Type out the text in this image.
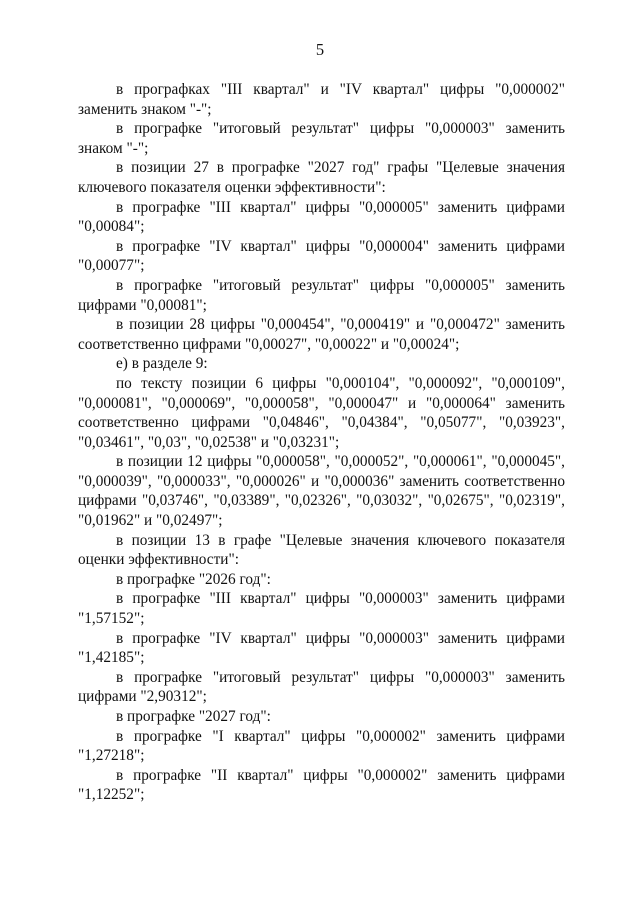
5

в прографках "III квартал" и "IV квартал" цифры "0,000002" заменить знаком "-";

в прографке "итоговый результат" цифры "0,000003" заменить знаком "-";

в позиции 27 в прографке "2027 год" графы "Целевые значения ключевого показателя оценки эффективности":

в прографке "III квартал" цифры "0,000005" заменить цифрами "0,00084";

в прографке "IV квартал" цифры "0,000004" заменить цифрами "0,00077";

в прографке "итоговый результат" цифры "0,000005" заменить цифрами "0,00081";

в позиции 28 цифры "0,000454", "0,000419" и "0,000472" заменить соответственно цифрами "0,00027", "0,00022" и "0,00024";

е) в разделе 9:

по тексту позиции 6 цифры "0,000104", "0,000092", "0,000109", "0,000081", "0,000069", "0,000058", "0,000047" и "0,000064" заменить соответственно цифрами "0,04846", "0,04384", "0,05077", "0,03923", "0,03461", "0,03", "0,02538" и "0,03231";

в позиции 12 цифры "0,000058", "0,000052", "0,000061", "0,000045", "0,000039", "0,000033", "0,000026" и "0,000036" заменить соответственно цифрами "0,03746", "0,03389", "0,02326", "0,03032", "0,02675", "0,02319", "0,01962" и "0,02497";

в позиции 13 в графе "Целевые значения ключевого показателя оценки эффективности":

в прографке "2026 год":

в прографке "III квартал" цифры "0,000003" заменить цифрами "1,57152";

в прографке "IV квартал" цифры "0,000003" заменить цифрами "1,42185";

в прографке "итоговый результат" цифры "0,000003" заменить цифрами "2,90312";

в прографке "2027 год":

в прографке "I квартал" цифры "0,000002" заменить цифрами "1,27218";

в прографке "II квартал" цифры "0,000002" заменить цифрами "1,12252";
